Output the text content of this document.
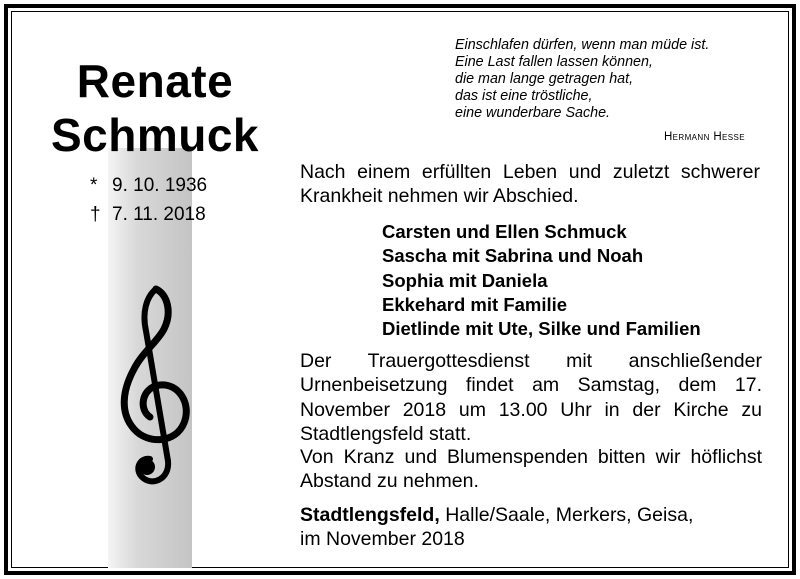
Renate
Schmuck
* 9. 10. 1936
† 7. 11. 2018
Einschlafen dürfen, wenn man müde ist.
Eine Last fallen lassen können,
die man lange getragen hat,
das ist eine tröstliche,
eine wunderbare Sache.
Hermann Hesse
Nach einem erfüllten Leben und zuletzt schwerer Krankheit nehmen wir Abschied.
Carsten und Ellen Schmuck
Sascha mit Sabrina und Noah
Sophia mit Daniela
Ekkehard mit Familie
Dietlinde mit Ute, Silke und Familien
Der Trauergottesdienst mit anschließender Urnenbeisetzung findet am Samstag, dem 17. November 2018 um 13.00 Uhr in der Kirche zu Stadtlengsfeld statt.
Von Kranz und Blumenspenden bitten wir höflichst Abstand zu nehmen.
Stadtlengsfeld, Halle/Saale, Merkers, Geisa,
im November 2018
